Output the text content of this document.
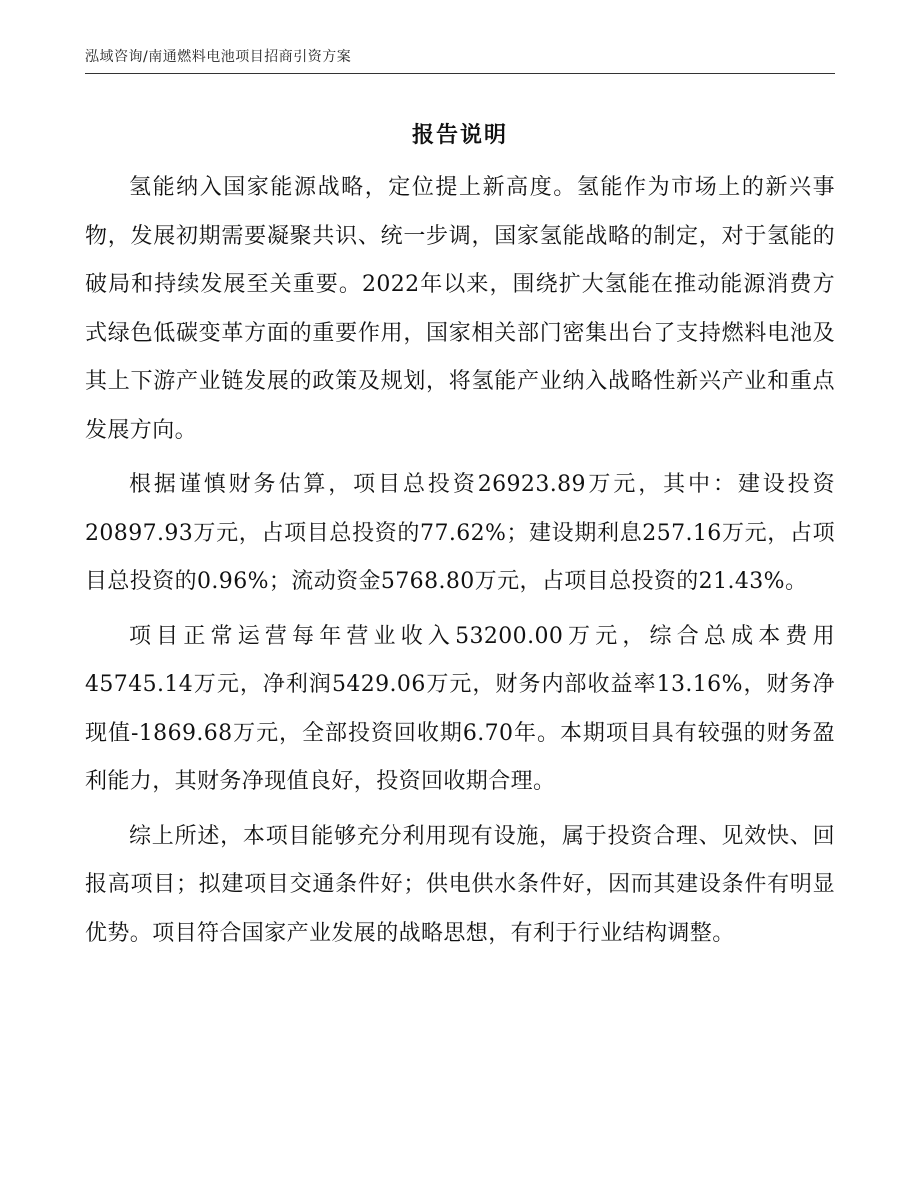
泓域咨询/南通燃料电池项目招商引资方案
报告说明

氢能纳入国家能源战略，定位提上新高度。氢能作为市场上的新兴事物，发展初期需要凝聚共识、统一步调，国家氢能战略的制定，对于氢能的破局和持续发展至关重要。2022年以来，围绕扩大氢能在推动能源消费方式绿色低碳变革方面的重要作用，国家相关部门密集出台了支持燃料电池及其上下游产业链发展的政策及规划，将氢能产业纳入战略性新兴产业和重点发展方向。

根据谨慎财务估算，项目总投资26923.89万元，其中：建设投资20897.93万元，占项目总投资的77.62%；建设期利息257.16万元，占项目总投资的0.96%；流动资金5768.80万元，占项目总投资的21.43%。

项目正常运营每年营业收入53200.00万元，综合总成本费用45745.14万元，净利润5429.06万元，财务内部收益率13.16%，财务净现值-1869.68万元，全部投资回收期6.70年。本期项目具有较强的财务盈利能力，其财务净现值良好，投资回收期合理。

综上所述，本项目能够充分利用现有设施，属于投资合理、见效快、回报高项目；拟建项目交通条件好；供电供水条件好，因而其建设条件有明显优势。项目符合国家产业发展的战略思想，有利于行业结构调整。
